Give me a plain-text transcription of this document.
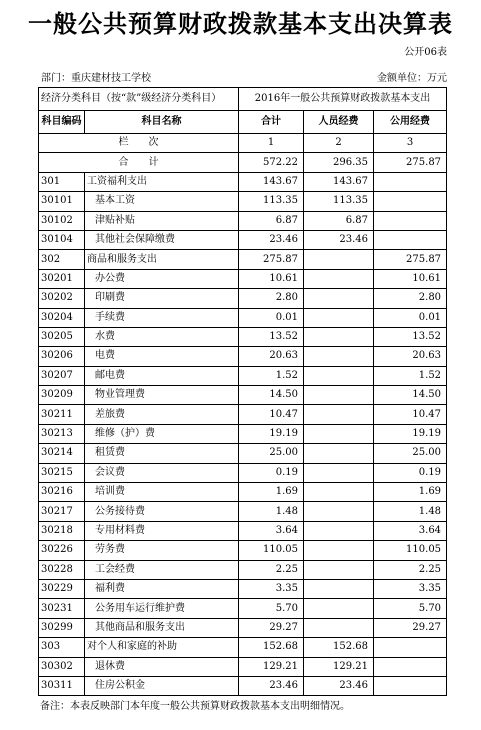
一般公共预算财政拨款基本支出决算表
公开06表
部门：重庆建材技工学校	金额单位：万元
经济分类科目（按“款”级经济分类科目）		2016年一般公共预算财政拨款基本支出		
科目编码	科目名称	合计	人员经费	公用经费
栏　　次		1	2	3
合　　计		572.22	296.35	275.87
301	工资福利支出	143.67	143.67	
30101	基本工资	113.35	113.35	
30102	津贴补贴	6.87	6.87	
30104	其他社会保障缴费	23.46	23.46	
302	商品和服务支出	275.87		275.87
30201	办公费	10.61		10.61
30202	印刷费	2.80		2.80
30204	手续费	0.01		0.01
30205	水费	13.52		13.52
30206	电费	20.63		20.63
30207	邮电费	1.52		1.52
30209	物业管理费	14.50		14.50
30211	差旅费	10.47		10.47
30213	维修（护）费	19.19		19.19
30214	租赁费	25.00		25.00
30215	会议费	0.19		0.19
30216	培训费	1.69		1.69
30217	公务接待费	1.48		1.48
30218	专用材料费	3.64		3.64
30226	劳务费	110.05		110.05
30228	工会经费	2.25		2.25
30229	福利费	3.35		3.35
30231	公务用车运行维护费	5.70		5.70
30299	其他商品和服务支出	29.27		29.27
303	对个人和家庭的补助	152.68	152.68	
30302	退休费	129.21	129.21	
30311	住房公积金	23.46	23.46	
备注：本表反映部门本年度一般公共预算财政拨款基本支出明细情况。
